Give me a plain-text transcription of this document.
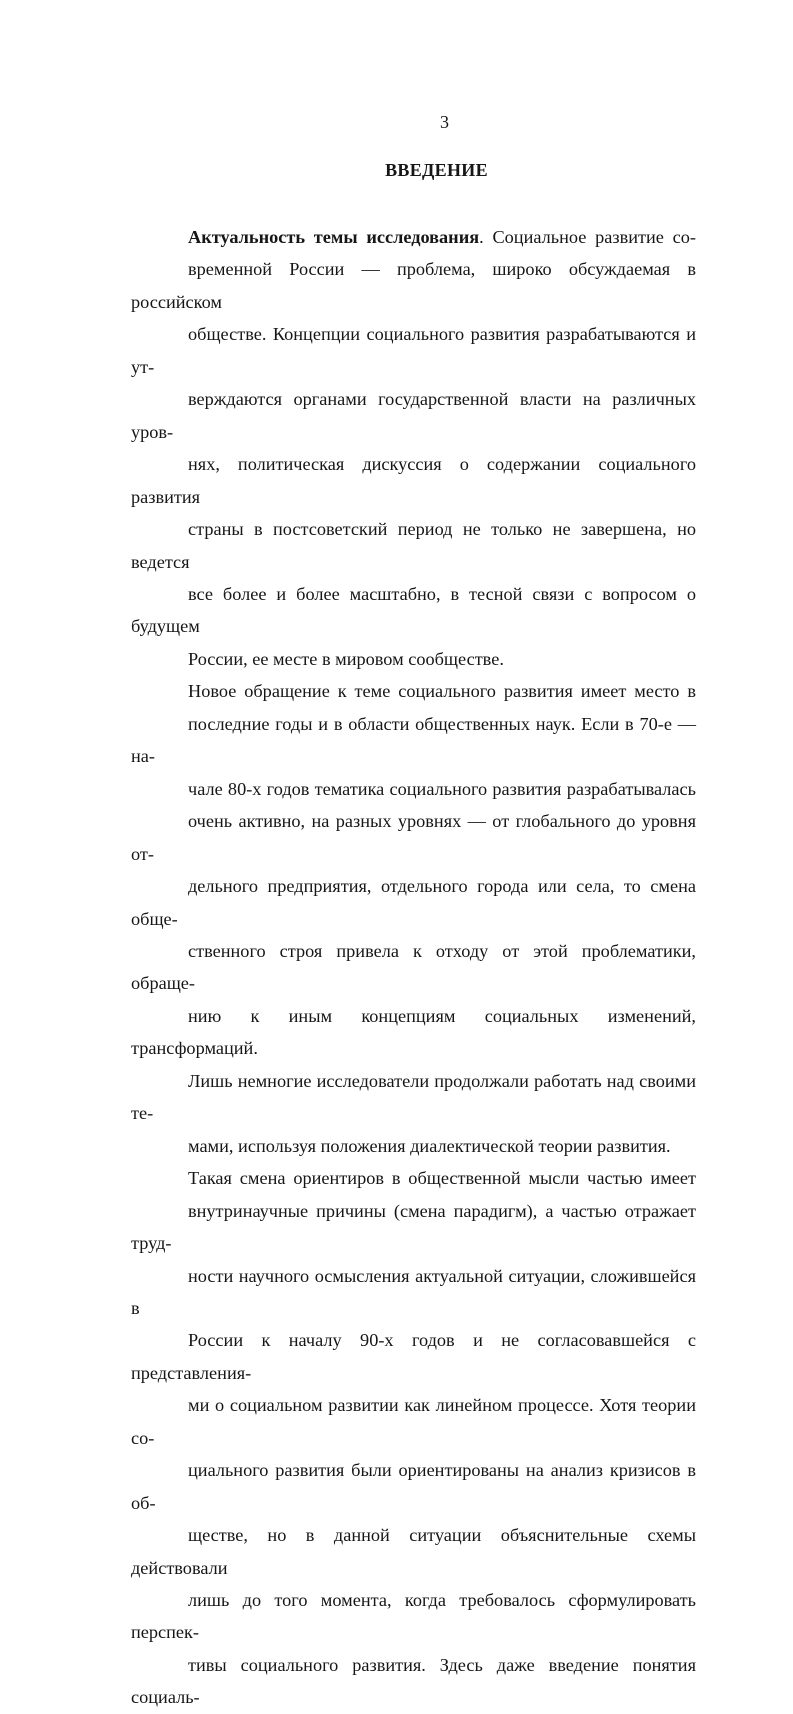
3
ВВЕДЕНИЕ
Актуальность темы исследования. Социальное развитие со-
временной России — проблема, широко обсуждаемая в российском
обществе. Концепции социального развития разрабатываются и ут-
верждаются органами государственной власти на различных уров-
нях, политическая дискуссия о содержании социального развития
страны в постсоветский период не только не завершена, но ведется
все более и более масштабно, в тесной связи с вопросом о будущем
России, ее месте в мировом сообществе.
Новое обращение к теме социального развития имеет место в
последние годы и в области общественных наук. Если в 70-е — на-
чале 80-х годов тематика социального развития разрабатывалась
очень активно, на разных уровнях — от глобального до уровня от-
дельного предприятия, отдельного города или села, то смена обще-
ственного строя привела к отходу от этой проблематики, обраще-
нию к иным концепциям социальных изменений, трансформаций.
Лишь немногие исследователи продолжали работать над своими те-
мами, используя положения диалектической теории развития.
Такая смена ориентиров в общественной мысли частью имеет
внутринаучные причины (смена парадигм), а частью отражает труд-
ности научного осмысления актуальной ситуации, сложившейся в
России к началу 90-х годов и не согласовавшейся с представления-
ми о социальном развитии как линейном процессе. Хотя теории со-
циального развития были ориентированы на анализ кризисов в об-
ществе, но в данной ситуации объяснительные схемы действовали
лишь до того момента, когда требовалось сформулировать перспек-
тивы социального развития. Здесь даже введение понятия социаль-
